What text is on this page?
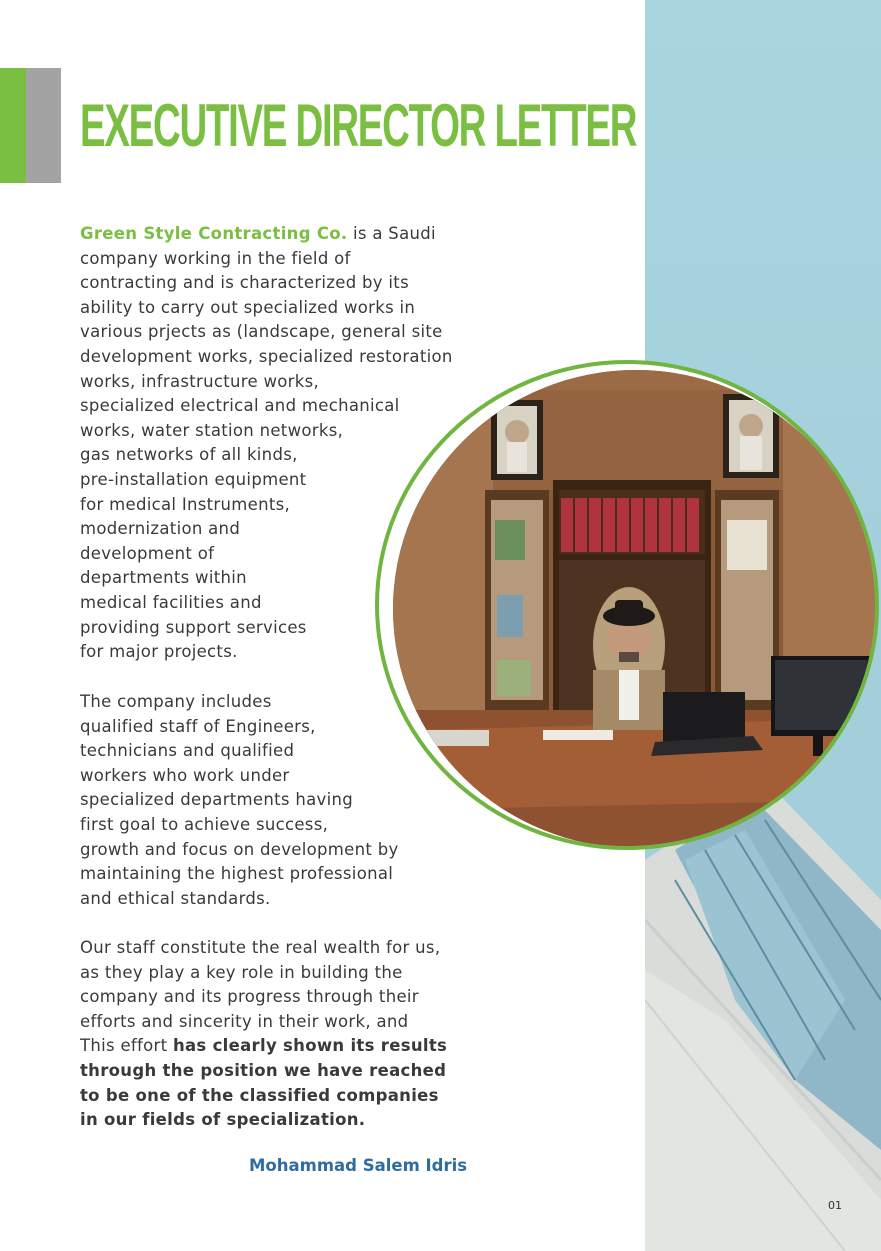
EXECUTIVE DIRECTOR LETTER
Green Style Contracting Co. is a Saudi
company working in the field of
contracting and is characterized by its
ability to carry out specialized works in
various prjects as (landscape, general site
development works, specialized restoration
works, infrastructure works,
specialized electrical and mechanical
works, water station networks,
gas networks of all kinds,
pre-installation equipment
for medical Instruments,
modernization and
development of
departments within
medical facilities and
providing support services
for major projects.
The company includes
qualified staff of Engineers,
technicians and qualified
workers who work under
specialized departments having
first goal to achieve success,
growth and focus on development by
maintaining the highest professional
and ethical standards.
Our staff constitute the real wealth for us,
as they play a key role in building the
company and its progress through their
efforts and sincerity in their work, and
This effort has clearly shown its results
through the position we have reached
to be one of the classified companies
in our fields of specialization.
Mohammad Salem Idris
01
